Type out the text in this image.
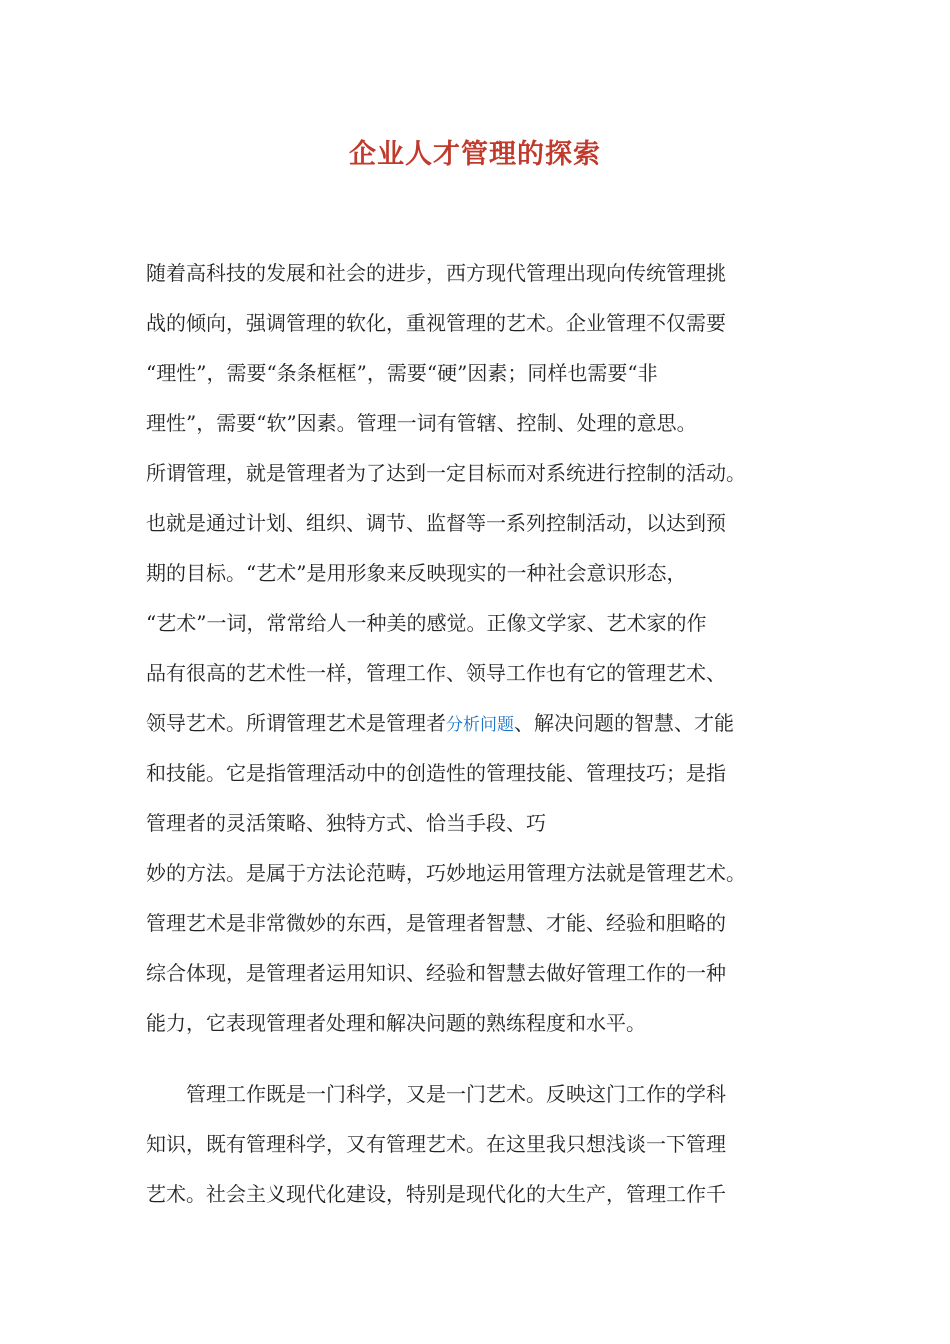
企业人才管理的探索

随着高科技的发展和社会的进步，西方现代管理出现向传统管理挑

战的倾向，强调管理的软化，重视管理的艺术。企业管理不仅需要

“理性”，需要“条条框框”，需要“硬”因素；同样也需要“非

理性”，需要“软”因素。管理一词有管辖、控制、处理的意思。

所谓管理，就是管理者为了达到一定目标而对系统进行控制的活动。

也就是通过计划、组织、调节、监督等一系列控制活动，以达到预

期的目标。“艺术”是用形象来反映现实的一种社会意识形态，

“艺术”一词，常常给人一种美的感觉。正像文学家、艺术家的作

品有很高的艺术性一样，管理工作、领导工作也有它的管理艺术、

领导艺术。所谓管理艺术是管理者分析问题、解决问题的智慧、才能

和技能。它是指管理活动中的创造性的管理技能、管理技巧；是指

管理者的灵活策略、独特方式、恰当手段、巧

妙的方法。是属于方法论范畴，巧妙地运用管理方法就是管理艺术。

管理艺术是非常微妙的东西，是管理者智慧、才能、经验和胆略的

综合体现，是管理者运用知识、经验和智慧去做好管理工作的一种

能力，它表现管理者处理和解决问题的熟练程度和水平。

　　管理工作既是一门科学，又是一门艺术。反映这门工作的学科

知识，既有管理科学，又有管理艺术。在这里我只想浅谈一下管理

艺术。社会主义现代化建设，特别是现代化的大生产，管理工作千
